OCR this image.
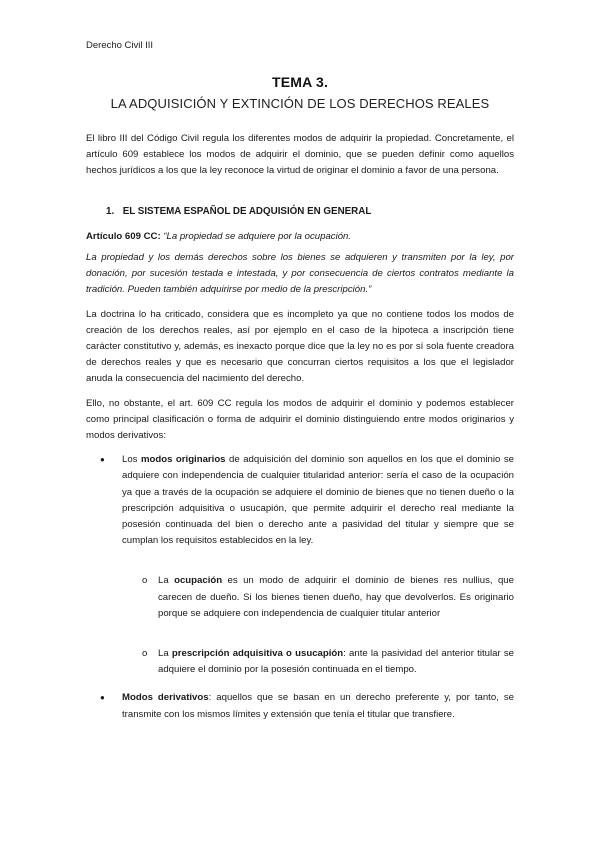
Derecho Civil III

TEMA 3.

LA ADQUISICIÓN Y EXTINCIÓN DE LOS DERECHOS REALES

El libro III del Código Civil regula los diferentes modos de adquirir la propiedad. Concretamente, el artículo 609 establece los modos de adquirir el dominio, que se pueden definir como aquellos hechos jurídicos a los que la ley reconoce la virtud de originar el dominio a favor de una persona.

1. EL SISTEMA ESPAÑOL DE ADQUISIÓN EN GENERAL

Artículo 609 CC: “La propiedad se adquiere por la ocupación.

La propiedad y los demás derechos sobre los bienes se adquieren y transmiten por la ley, por donación, por sucesión testada e intestada, y por consecuencia de ciertos contratos mediante la tradición. Pueden también adquirirse por medio de la prescripción.”

La doctrina lo ha criticado, considera que es incompleto ya que no contiene todos los modos de creación de los derechos reales, así por ejemplo en el caso de la hipoteca a inscripción tiene carácter constitutivo y, además, es inexacto porque dice que la ley no es por sí sola fuente creadora de derechos reales y que es necesario que concurran ciertos requisitos a los que el legislador anuda la consecuencia del nacimiento del derecho.

Ello, no obstante, el art. 609 CC regula los modos de adquirir el dominio y podemos establecer como principal clasificación o forma de adquirir el dominio distinguiendo entre modos originarios y modos derivativos:

● Los modos originarios de adquisición del dominio son aquellos en los que el dominio se adquiere con independencia de cualquier titularidad anterior: sería el caso de la ocupación ya que a través de la ocupación se adquiere el dominio de bienes que no tienen dueño o la prescripción adquisitiva o usucapión, que permite adquirir el derecho real mediante la posesión continuada del bien o derecho ante a pasividad del titular y siempre que se cumplan los requisitos establecidos en la ley.
o La ocupación es un modo de adquirir el dominio de bienes res nullius, que carecen de dueño. Si los bienes tienen dueño, hay que devolverlos. Es originario porque se adquiere con independencia de cualquier titular anterior
o La prescripción adquisitiva o usucapión: ante la pasividad del anterior titular se adquiere el dominio por la posesión continuada en el tiempo.
● Modos derivativos: aquellos que se basan en un derecho preferente y, por tanto, se transmite con los mismos límites y extensión que tenía el titular que transfiere.
